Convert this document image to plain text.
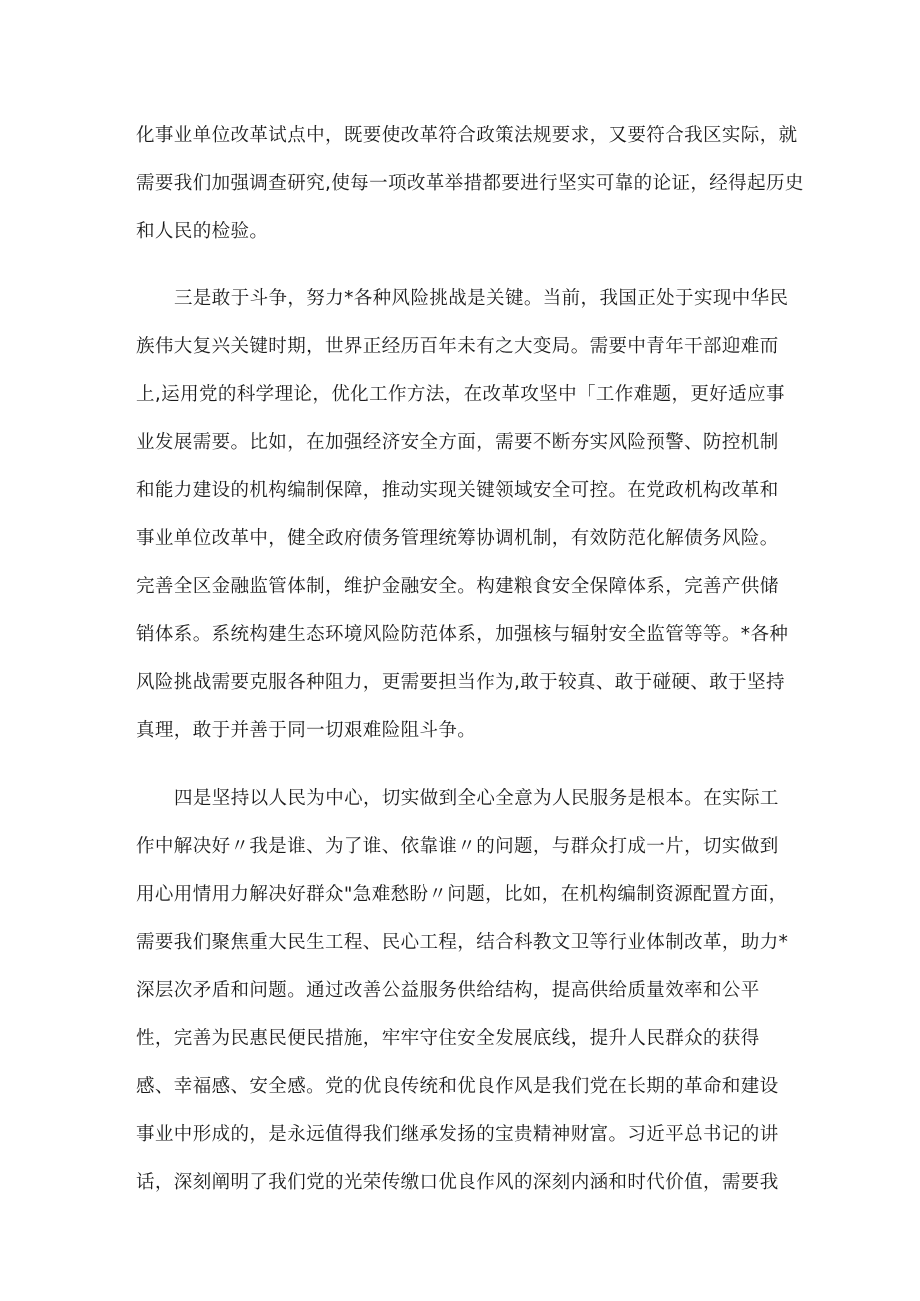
化事业单位改革试点中，既要使改革符合政策法规要求，又要符合我区实际，就
需要我们加强调查研究,使每一项改革举措都要进行坚实可靠的论证，经得起历史
和人民的检验。
三是敢于斗争，努力*各种风险挑战是关键。当前，我国正处于实现中华民
族伟大复兴关键时期，世界正经历百年未有之大变局。需要中青年干部迎难而
上,运用党的科学理论，优化工作方法，在改革攻坚中「工作难题，更好适应事
业发展需要。比如，在加强经济安全方面，需要不断夯实风险预警、防控机制
和能力建设的机构编制保障，推动实现关键领域安全可控。在党政机构改革和
事业单位改革中，健全政府债务管理统筹协调机制，有效防范化解债务风险。
完善全区金融监管体制，维护金融安全。构建粮食安全保障体系，完善产供储
销体系。系统构建生态环境风险防范体系，加强核与辐射安全监管等等。*各种
风险挑战需要克服各种阻力，更需要担当作为,敢于较真、敢于碰硬、敢于坚持
真理，敢于并善于同一切艰难险阻斗争。
四是坚持以人民为中心，切实做到全心全意为人民服务是根本。在实际工
作中解决好〃我是谁、为了谁、依靠谁〃的问题，与群众打成一片，切实做到
用心用情用力解决好群众"急难愁盼〃问题，比如，在机构编制资源配置方面，
需要我们聚焦重大民生工程、民心工程，结合科教文卫等行业体制改革，助力*
深层次矛盾和问题。通过改善公益服务供给结构，提高供给质量效率和公平
性，完善为民惠民便民措施，牢牢守住安全发展底线，提升人民群众的获得
感、幸福感、安全感。党的优良传统和优良作风是我们党在长期的革命和建设
事业中形成的，是永远值得我们继承发扬的宝贵精神财富。习近平总书记的讲
话，深刻阐明了我们党的光荣传缴口优良作风的深刻内涵和时代价值，需要我
